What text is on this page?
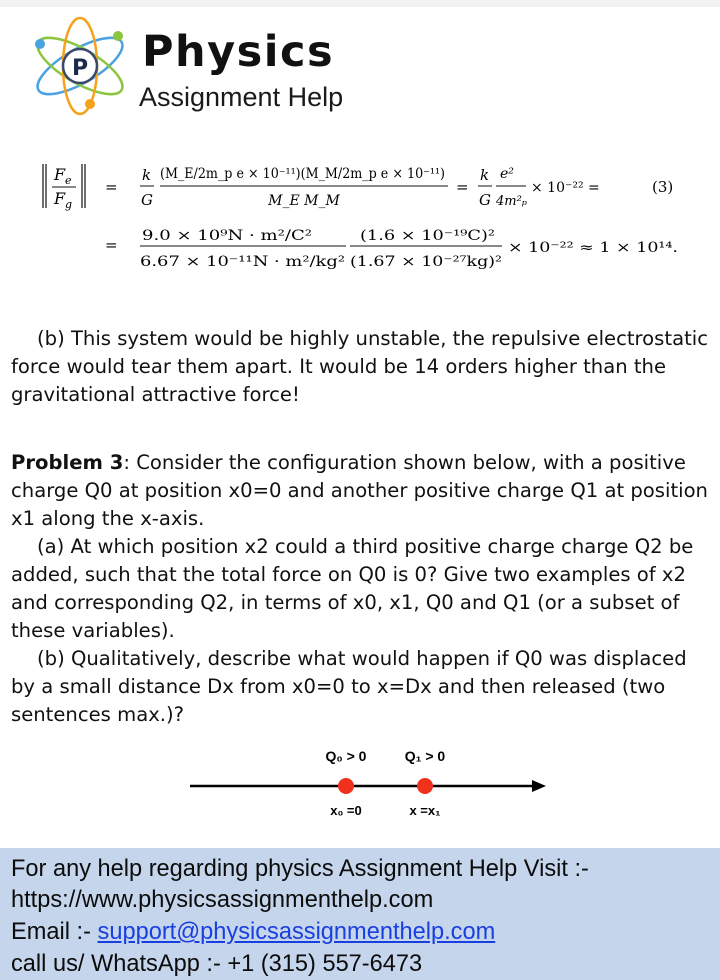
P Physics
Assignment Help
F e
F g
=
k
G
(M_E/2m_p e × 10⁻¹¹)(M_M/2m_p e × 10⁻¹¹)
M_E M_M
=
k
G
e²
4m²ₚ
× 10⁻²² =	(3)
= 9.0 × 10⁹N · m²/C²
6.67 × 10⁻¹¹N · m²/kg²
(1.6 × 10⁻¹⁹C)²
(1.67 × 10⁻²⁷kg)²
× 10⁻²² ≈ 1 × 10¹⁴.

(b) This system would be highly unstable, the repulsive electrostatic force would tear them apart. It would be 14 orders higher than the gravitational attractive force!

Problem 3: Consider the configuration shown below, with a positive charge Q0 at position x0=0 and another positive charge Q1 at position x1 along the x-axis.

(a) At which position x2 could a third positive charge charge Q2 be added, such that the total force on Q0 is 0? Give two examples of x2 and corresponding Q2, in terms of x0, x1, Q0 and Q1 (or a subset of these variables).

(b) Qualitatively, describe what would happen if Q0 was displaced by a small distance Dx from x0=0 to x=Dx and then released (two sentences max.)?

Q₀ > 0	Q₁ > 0
x₀ =0	x =x₁
For any help regarding physics Assignment Help Visit :-
https://www.physicsassignmenthelp.com
Email :- support@physicsassignmenthelp.com
call us/ WhatsApp :- +1 (315) 557-6473
